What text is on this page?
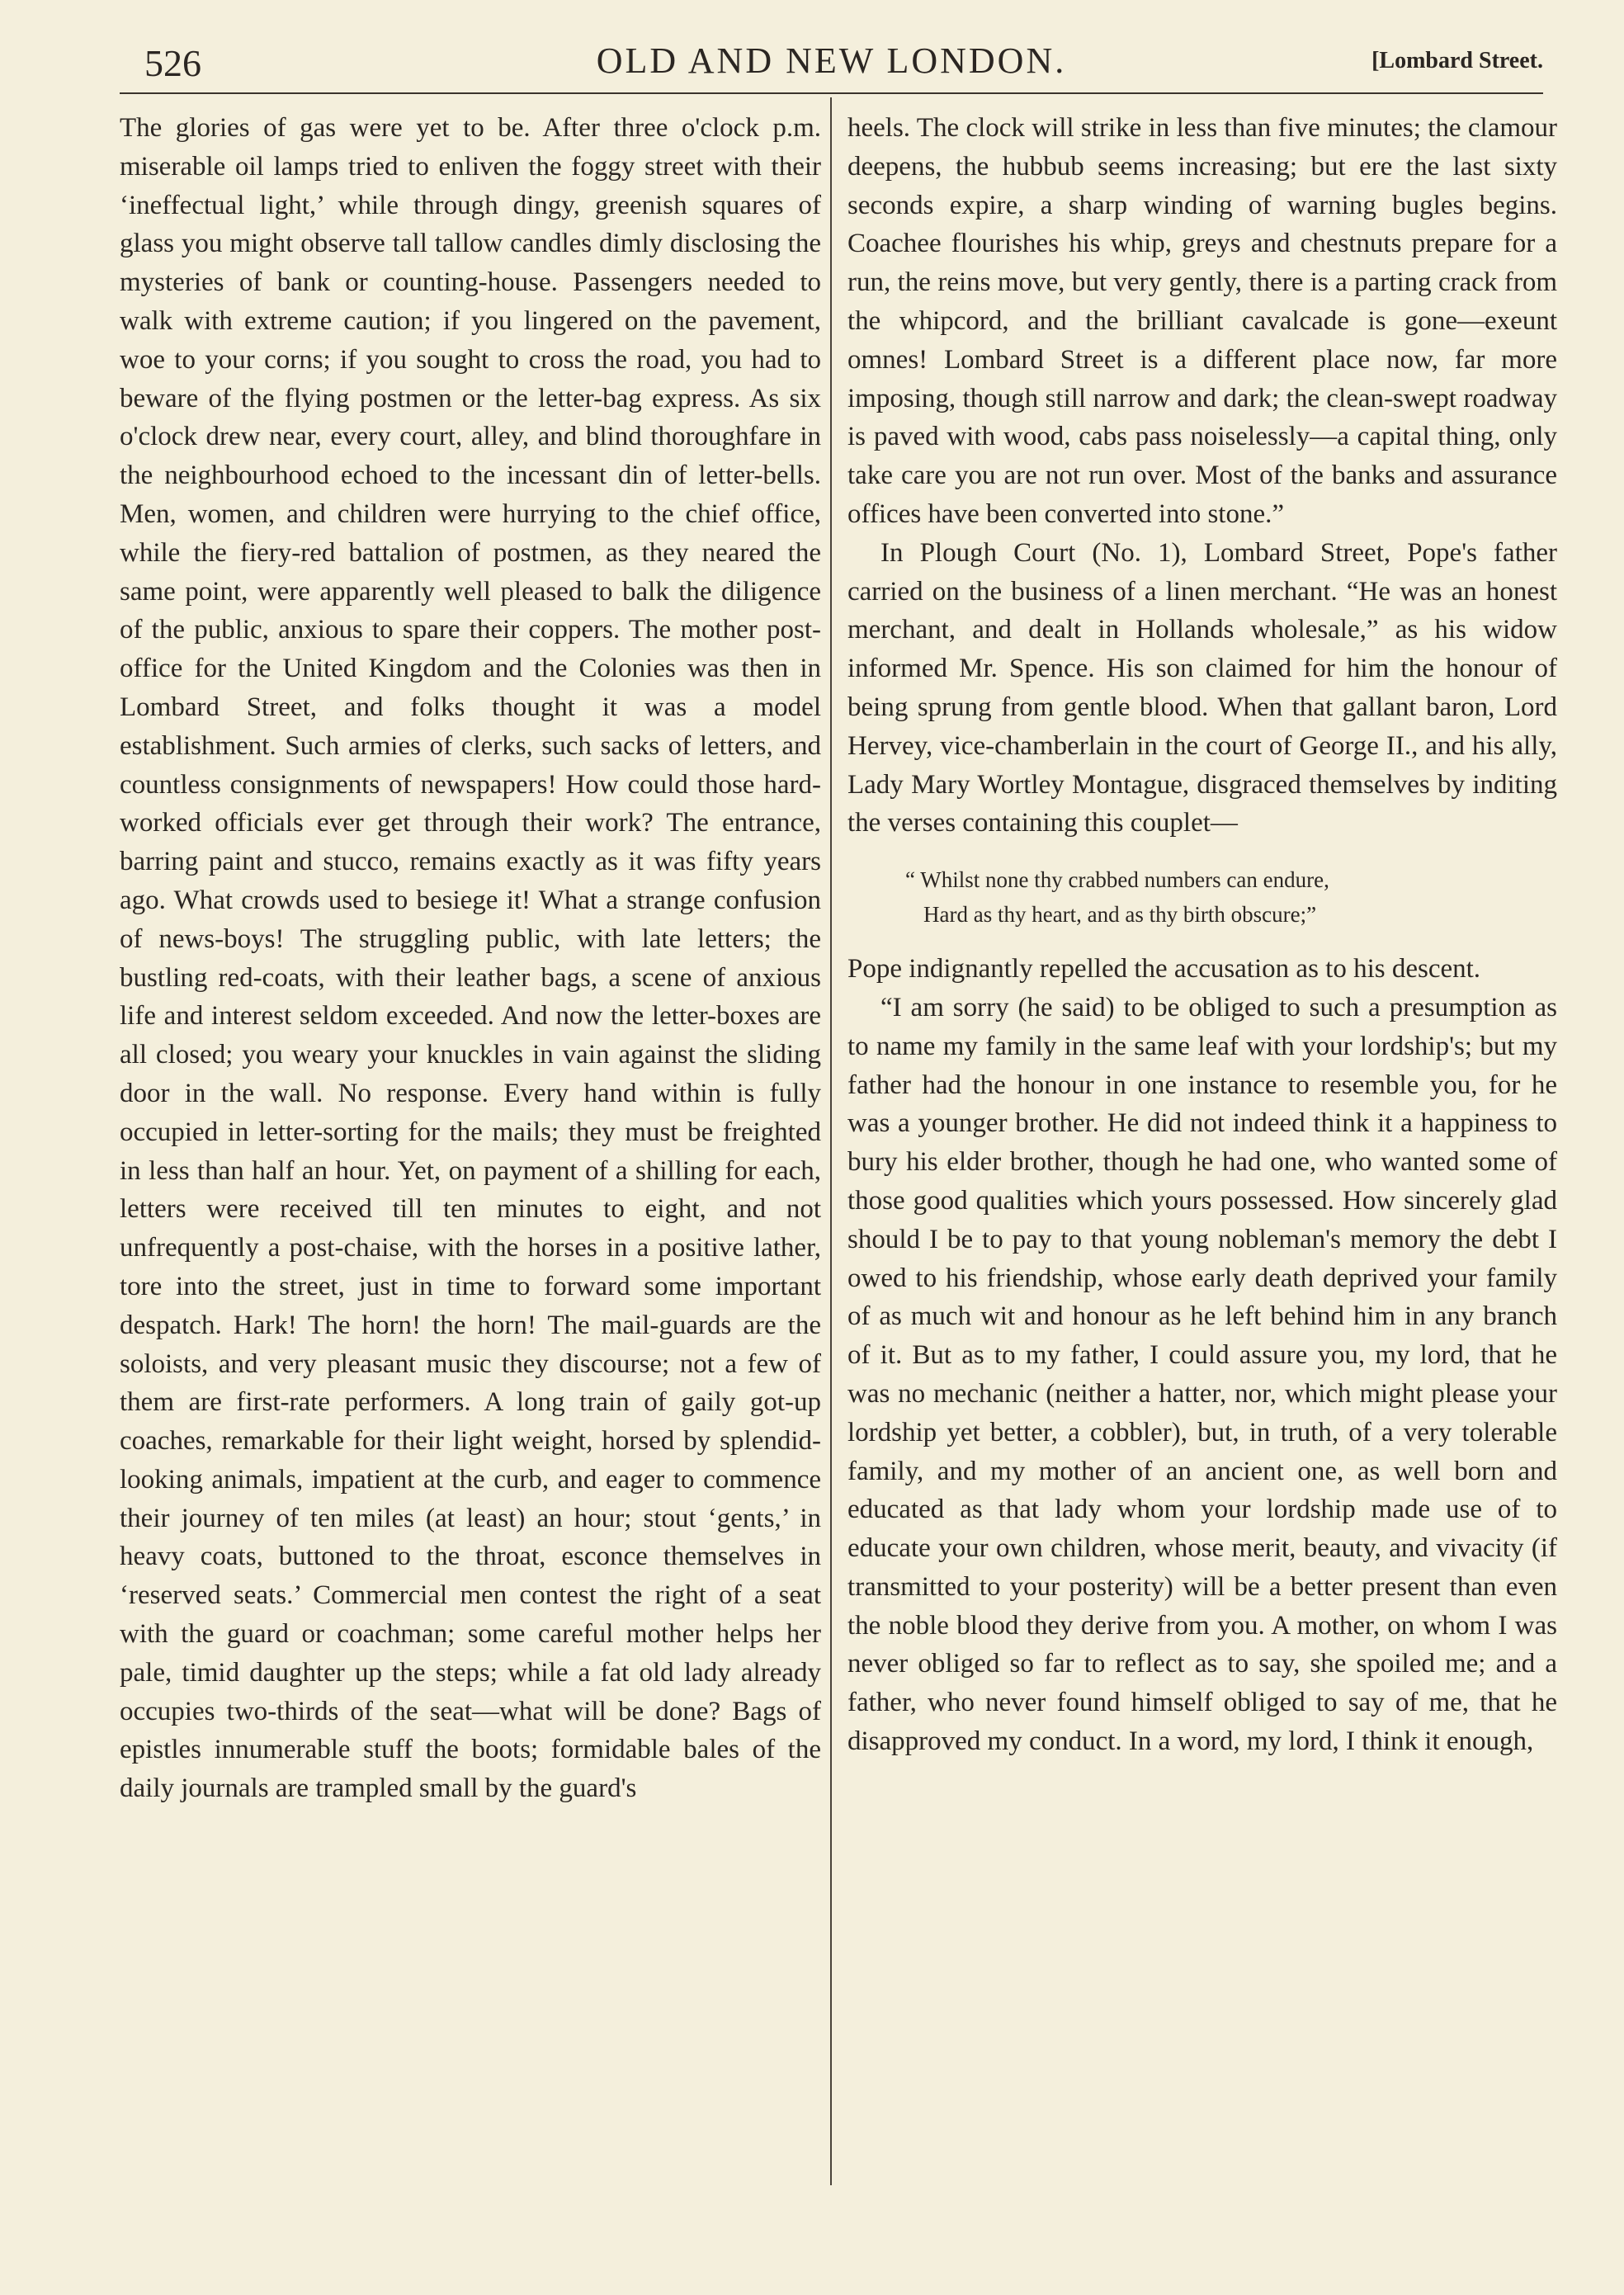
526	OLD AND NEW LONDON.	[Lombard Street.

The glories of gas were yet to be. After three o'clock p.m. miserable oil lamps tried to enliven the foggy street with their ‘ineffectual light,’ while through dingy, greenish squares of glass you might observe tall tallow candles dimly disclosing the mysteries of bank or counting-house. Passengers needed to walk with extreme caution; if you lingered on the pavement, woe to your corns; if you sought to cross the road, you had to beware of the flying postmen or the letter-bag express. As six o'clock drew near, every court, alley, and blind thoroughfare in the neighbourhood echoed to the incessant din of letter-bells. Men, women, and children were hurrying to the chief office, while the fiery-red battalion of postmen, as they neared the same point, were apparently well pleased to balk the diligence of the public, anxious to spare their coppers. The mother post-office for the United Kingdom and the Colonies was then in Lombard Street, and folks thought it was a model establishment. Such armies of clerks, such sacks of letters, and countless consignments of newspapers! How could those hard-worked officials ever get through their work? The entrance, barring paint and stucco, remains exactly as it was fifty years ago. What crowds used to besiege it! What a strange confusion of news-boys! The struggling public, with late letters; the bustling red-coats, with their leather bags, a scene of anxious life and interest seldom exceeded. And now the letter-boxes are all closed; you weary your knuckles in vain against the sliding door in the wall. No response. Every hand within is fully occupied in letter-sorting for the mails; they must be freighted in less than half an hour. Yet, on payment of a shilling for each, letters were received till ten minutes to eight, and not unfrequently a post-chaise, with the horses in a positive lather, tore into the street, just in time to forward some important despatch. Hark! The horn! the horn! The mail-guards are the soloists, and very pleasant music they discourse; not a few of them are first-rate performers. A long train of gaily got-up coaches, remarkable for their light weight, horsed by splendid-looking animals, impatient at the curb, and eager to commence their journey of ten miles (at least) an hour; stout ‘gents,’ in heavy coats, buttoned to the throat, esconce themselves in ‘reserved seats.’ Commercial men contest the right of a seat with the guard or coachman; some careful mother helps her pale, timid daughter up the steps; while a fat old lady already occupies two-thirds of the seat—what will be done? Bags of epistles innumerable stuff the boots; formidable bales of the daily journals are trampled small by the guard's

heels. The clock will strike in less than five minutes; the clamour deepens, the hubbub seems increasing; but ere the last sixty seconds expire, a sharp winding of warning bugles begins. Coachee flourishes his whip, greys and chestnuts prepare for a run, the reins move, but very gently, there is a parting crack from the whipcord, and the brilliant cavalcade is gone—exeunt omnes! Lombard Street is a different place now, far more imposing, though still narrow and dark; the clean-swept roadway is paved with wood, cabs pass noiselessly—a capital thing, only take care you are not run over. Most of the banks and assurance offices have been converted into stone.”

In Plough Court (No. 1), Lombard Street, Pope's father carried on the business of a linen merchant. “He was an honest merchant, and dealt in Hollands wholesale,” as his widow informed Mr. Spence. His son claimed for him the honour of being sprung from gentle blood. When that gallant baron, Lord Hervey, vice-chamberlain in the court of George II., and his ally, Lady Mary Wortley Montague, disgraced themselves by inditing the verses containing this couplet—

“ Whilst none thy crabbed numbers can endure,
Hard as thy heart, and as thy birth obscure;”

Pope indignantly repelled the accusation as to his descent.

“I am sorry (he said) to be obliged to such a presumption as to name my family in the same leaf with your lordship's; but my father had the honour in one instance to resemble you, for he was a younger brother. He did not indeed think it a happiness to bury his elder brother, though he had one, who wanted some of those good qualities which yours possessed. How sincerely glad should I be to pay to that young nobleman's memory the debt I owed to his friendship, whose early death deprived your family of as much wit and honour as he left behind him in any branch of it. But as to my father, I could assure you, my lord, that he was no mechanic (neither a hatter, nor, which might please your lordship yet better, a cobbler), but, in truth, of a very tolerable family, and my mother of an ancient one, as well born and educated as that lady whom your lordship made use of to educate your own children, whose merit, beauty, and vivacity (if transmitted to your posterity) will be a better present than even the noble blood they derive from you. A mother, on whom I was never obliged so far to reflect as to say, she spoiled me; and a father, who never found himself obliged to say of me, that he disapproved my conduct. In a word, my lord, I think it enough,
